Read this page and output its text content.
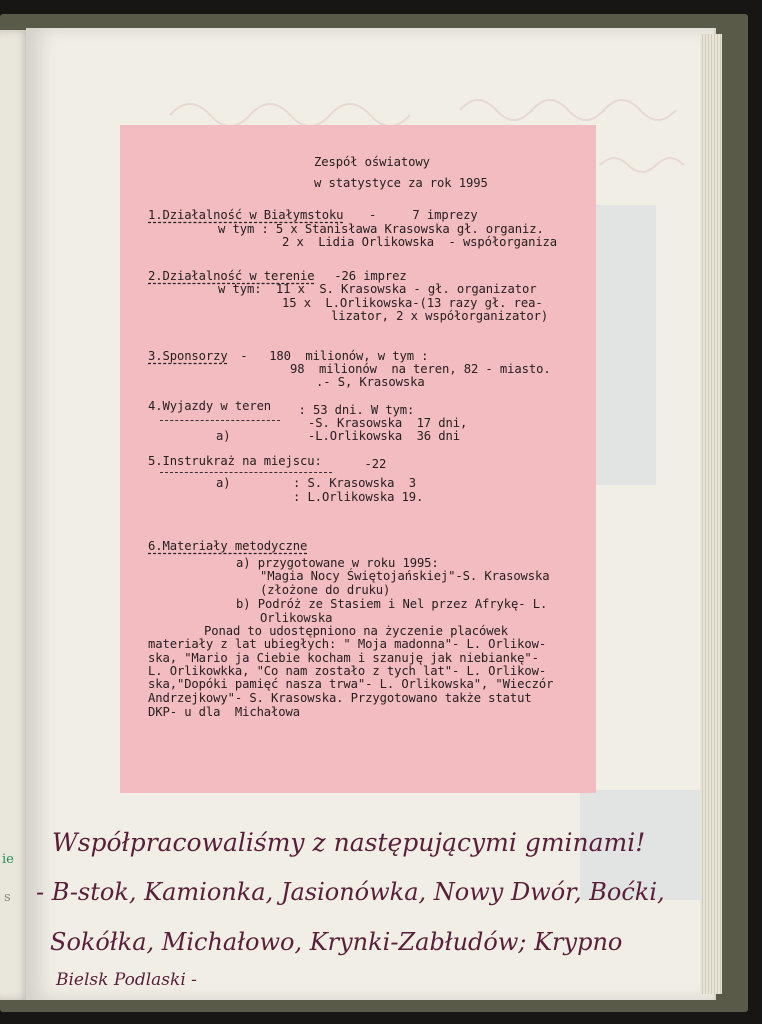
ie
s
Zespół oświatowy
w statystyce za rok 1995
1.Działalność w Białymstoku -     7 imprezy
w tym : 5 x Stanisława Krasowska gł. organiz.
2 x  Lidia Orlikowska  - współorganiza
2.Działalność w terenie -26 imprez
w tym:  11 x  S. Krasowska - gł. organizator
15 x  L.Orlikowska-(13 razy gł. rea-
lizator, 2 x współorganizator)
3.Sponsorzy -   180  milionów, w tym :
98  milionów  na teren, 82 - miasto.
.- S, Krasowska
4.Wyjazdy w teren : 53 dni. W tym:
-S. Krasowska  17 dni,
a)	-L.Orlikowska  36 dni
5.Instrukraż na miejscu: -22
: S. Krasowska  3
a)
: L.Orlikowska 19.
6.Materiały metodyczne
a) przygotowane w roku 1995:
"Magia Nocy Świętojańskiej"-S. Krasowska
(złożone do druku)
b) Podróż ze Stasiem i Nel przez Afrykę- L.
Orlikowska
Ponad to udostępniono na życzenie placówek
materiały z lat ubiegłych: " Moja madonna"- L. Orlikow-
ska, "Mario ja Ciebie kocham i szanuję jak niebiankę"-
L. Orlikowkka, "Co nam zostało z tych lat"- L. Orlikow-
ska,"Dopóki pamięć nasza trwa"- L. Orlikowska", "Wieczór
Andrzejkowy"- S. Krasowska. Przygotowano także statut
DKP- u dla  Michałowa
Współpracowaliśmy z następującymi gminami!
- B-stok, Kamionka, Jasionówka, Nowy Dwór, Boćki,
Sokółka, Michałowo, Krynki-Zabłudów; Krypno
Bielsk Podlaski -
